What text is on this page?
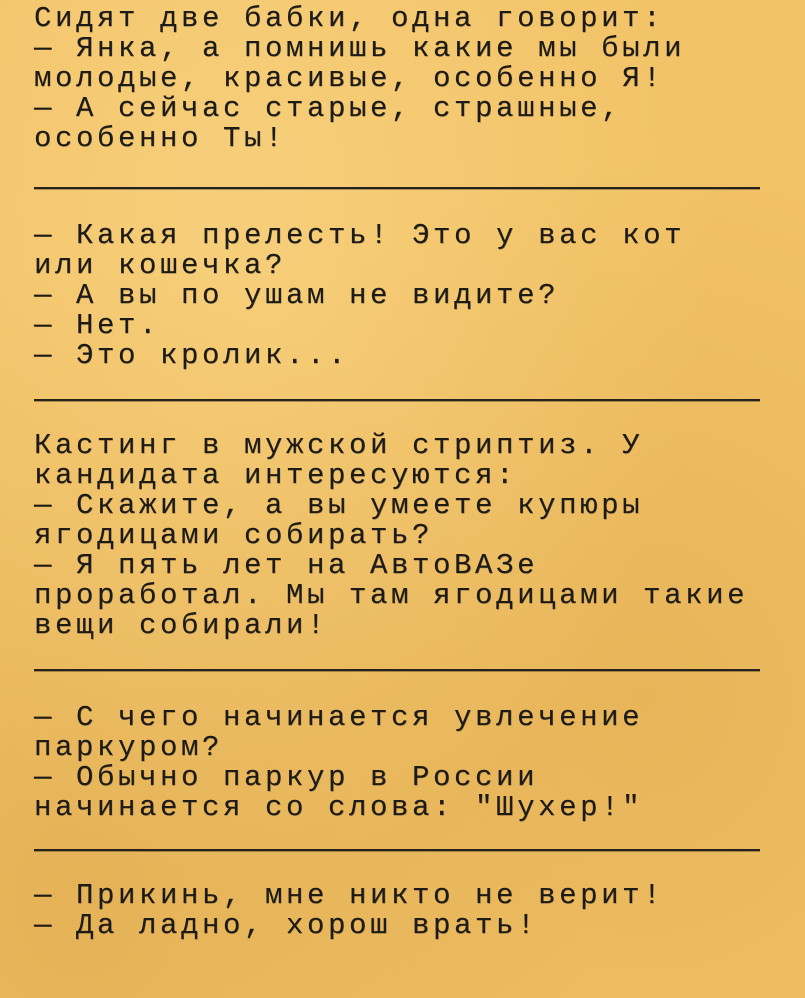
Сидят две бабки, одна говорит:
— Янка, а помнишь какие мы были
молодые, красивые, особенно Я!
— А сейчас старые, страшные,
особенно Ты!
— Какая прелесть! Это у вас кот
или кошечка?
— А вы по ушам не видите?
— Нет.
— Это кролик...
Кастинг в мужской стриптиз. У
кандидата интересуются:
— Скажите, а вы умеете купюры
ягодицами собирать?
— Я пять лет на АвтоВАЗе
проработал. Мы там ягодицами такие
вещи собирали!
— С чего начинается увлечение
паркуром?
— Обычно паркур в России
начинается со слова: "Шухер!"
— Прикинь, мне никто не верит!
— Да ладно, хорош врать!
